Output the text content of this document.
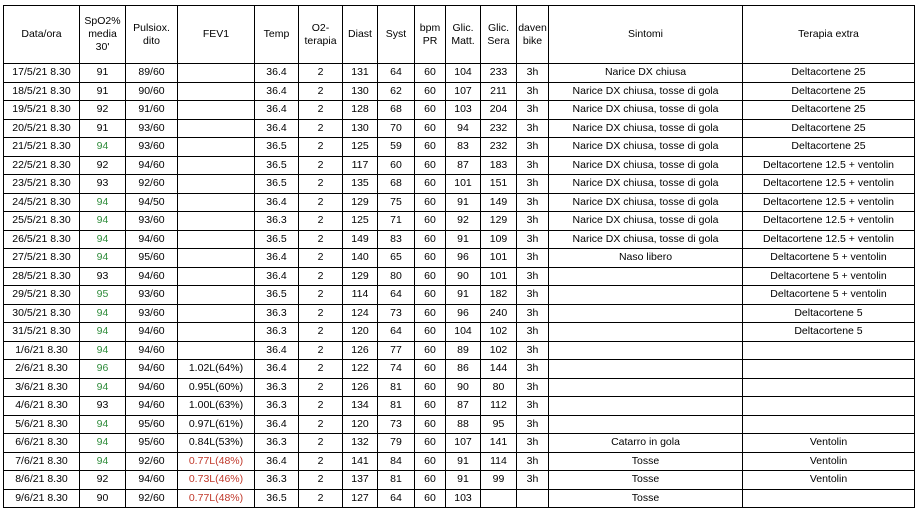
Data/ora	SpO2% media 30'	Pulsiox. dito	FEV1	Temp	O2-terapia	Diast	Syst	bpm PR	Glic. Matt.	Glic. Sera	daven bike	Sintomi	Terapia extra
17/5/21 8.30	91	89/60		36.4	2	131	64	60	104	233	3h	Narice DX chiusa	Deltacortene 25
18/5/21 8.30	91	90/60		36.4	2	130	62	60	107	211	3h	Narice DX chiusa, tosse di gola	Deltacortene 25
19/5/21 8.30	92	91/60		36.4	2	128	68	60	103	204	3h	Narice DX chiusa, tosse di gola	Deltacortene 25
20/5/21 8.30	91	93/60		36.4	2	130	70	60	94	232	3h	Narice DX chiusa, tosse di gola	Deltacortene 25
21/5/21 8.30	94	93/60		36.5	2	125	59	60	83	232	3h	Narice DX chiusa, tosse di gola	Deltacortene 25
22/5/21 8.30	92	94/60		36.5	2	117	60	60	87	183	3h	Narice DX chiusa, tosse di gola	Deltacortene 12.5 + ventolin
23/5/21 8.30	93	92/60		36.5	2	135	68	60	101	151	3h	Narice DX chiusa, tosse di gola	Deltacortene 12.5 + ventolin
24/5/21 8.30	94	94/50		36.4	2	129	75	60	91	149	3h	Narice DX chiusa, tosse di gola	Deltacortene 12.5 + ventolin
25/5/21 8.30	94	93/60		36.3	2	125	71	60	92	129	3h	Narice DX chiusa, tosse di gola	Deltacortene 12.5 + ventolin
26/5/21 8.30	94	94/60		36.5	2	149	83	60	91	109	3h	Narice DX chiusa, tosse di gola	Deltacortene 12.5 + ventolin
27/5/21 8.30	94	95/60		36.4	2	140	65	60	96	101	3h	Naso libero	Deltacortene 5 + ventolin
28/5/21 8.30	93	94/60		36.4	2	129	80	60	90	101	3h		Deltacortene 5 + ventolin
29/5/21 8.30	95	93/60		36.5	2	114	64	60	91	182	3h		Deltacortene 5 + ventolin
30/5/21 8.30	94	93/60		36.3	2	124	73	60	96	240	3h		Deltacortene 5
31/5/21 8.30	94	94/60		36.3	2	120	64	60	104	102	3h		Deltacortene 5
1/6/21 8.30	94	94/60		36.4	2	126	77	60	89	102	3h		
2/6/21 8.30	96	94/60	1.02L(64%)	36.4	2	122	74	60	86	144	3h		
3/6/21 8.30	94	94/60	0.95L(60%)	36.3	2	126	81	60	90	80	3h		
4/6/21 8.30	93	94/60	1.00L(63%)	36.3	2	134	81	60	87	112	3h		
5/6/21 8.30	94	95/60	0.97L(61%)	36.4	2	120	73	60	88	95	3h		
6/6/21 8.30	94	95/60	0.84L(53%)	36.3	2	132	79	60	107	141	3h	Catarro in gola	Ventolin
7/6/21 8.30	94	92/60	0.77L(48%)	36.4	2	141	84	60	91	114	3h	Tosse	Ventolin
8/6/21 8.30	92	94/60	0.73L(46%)	36.3	2	137	81	60	91	99	3h	Tosse	Ventolin
9/6/21 8.30	90	92/60	0.77L(48%)	36.5	2	127	64	60	103			Tosse	
